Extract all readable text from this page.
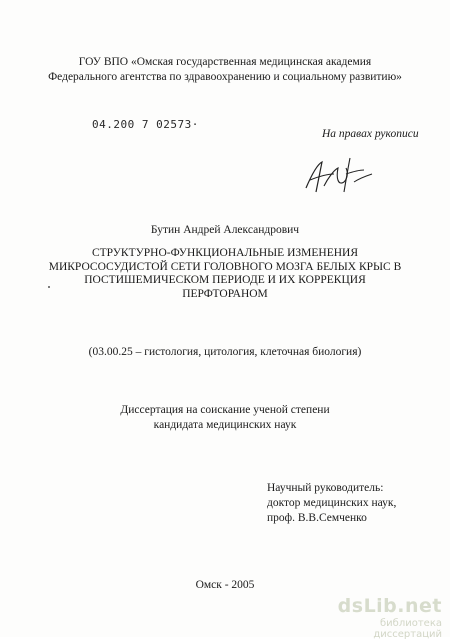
ГОУ ВПО «Омская государственная медицинская академия
Федерального агентства по здравоохранению и социальному развитию»
04.200 7 02573·
На правах рукописи
Бутин Андрей Александрович
СТРУКТУРНО-ФУНКЦИОНАЛЬНЫЕ ИЗМЕНЕНИЯ
МИКРОСОСУДИСТОЙ СЕТИ ГОЛОВНОГО МОЗГА БЕЛЫХ КРЫС В
ПОСТИШЕМИЧЕСКОМ ПЕРИОДЕ И ИХ КОРРЕКЦИЯ
ПЕРФТОРАНОМ
(03.00.25 – гистология, цитология, клеточная биология)
Диссертация на соискание ученой степени
кандидата медицинских наук
Научный руководитель:
доктор медицинских наук,
проф. В.В.Семченко
Омск - 2005
dsLib.net
библиотека диссертаций
